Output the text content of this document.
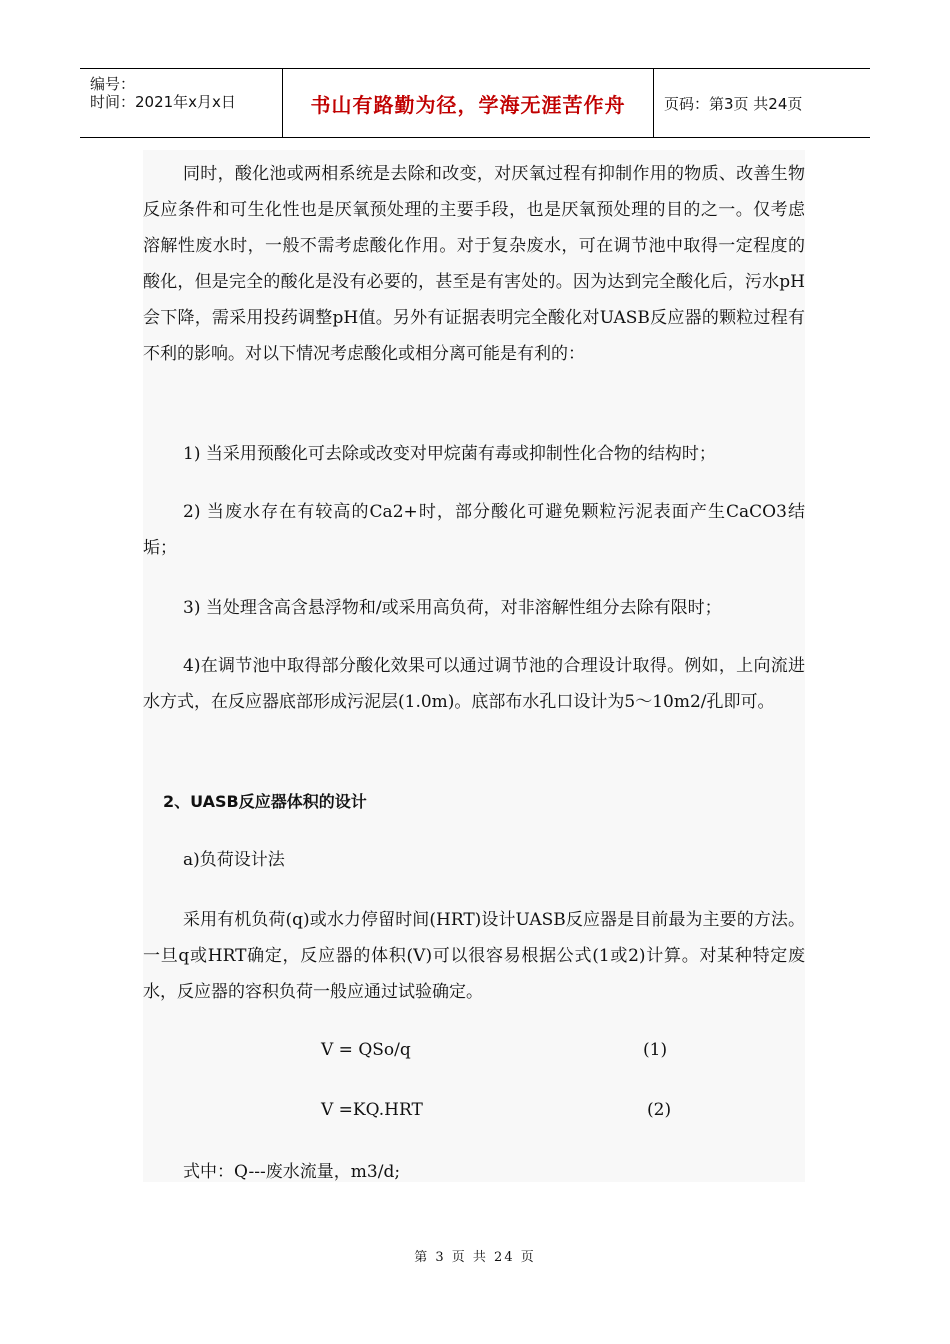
编号：
时间：2021年x月x日	书山有路勤为径，学海无涯苦作舟	页码：第3页 共24页

同时，酸化池或两相系统是去除和改变，对厌氧过程有抑制作用的物质、改善生物反应条件和可生化性也是厌氧预处理的主要手段，也是厌氧预处理的目的之一。仅考虑溶解性废水时，一般不需考虑酸化作用。对于复杂废水，可在调节池中取得一定程度的酸化，但是完全的酸化是没有必要的，甚至是有害处的。因为达到完全酸化后，污水pH会下降，需采用投药调整pH值。另外有证据表明完全酸化对UASB反应器的颗粒过程有不利的影响。对以下情况考虑酸化或相分离可能是有利的：

1) 当采用预酸化可去除或改变对甲烷菌有毒或抑制性化合物的结构时；

2) 当废水存在有较高的Ca2+时，部分酸化可避免颗粒污泥表面产生CaCO3结垢；

3) 当处理含高含悬浮物和/或采用高负荷，对非溶解性组分去除有限时；

4)在调节池中取得部分酸化效果可以通过调节池的合理设计取得。例如，上向流进水方式，在反应器底部形成污泥层(1.0m)。底部布水孔口设计为5～10m2/孔即可。

2、UASB反应器体积的设计

a)负荷设计法

采用有机负荷(q)或水力停留时间(HRT)设计UASB反应器是目前最为主要的方法。一旦q或HRT确定，反应器的体积(V)可以很容易根据公式(1或2)计算。对某种特定废水，反应器的容积负荷一般应通过试验确定。

V = QSo/q	(1)
V =KQ.HRT	(2)

式中：Q---废水流量，m3/d;

第 3 页 共 24 页
